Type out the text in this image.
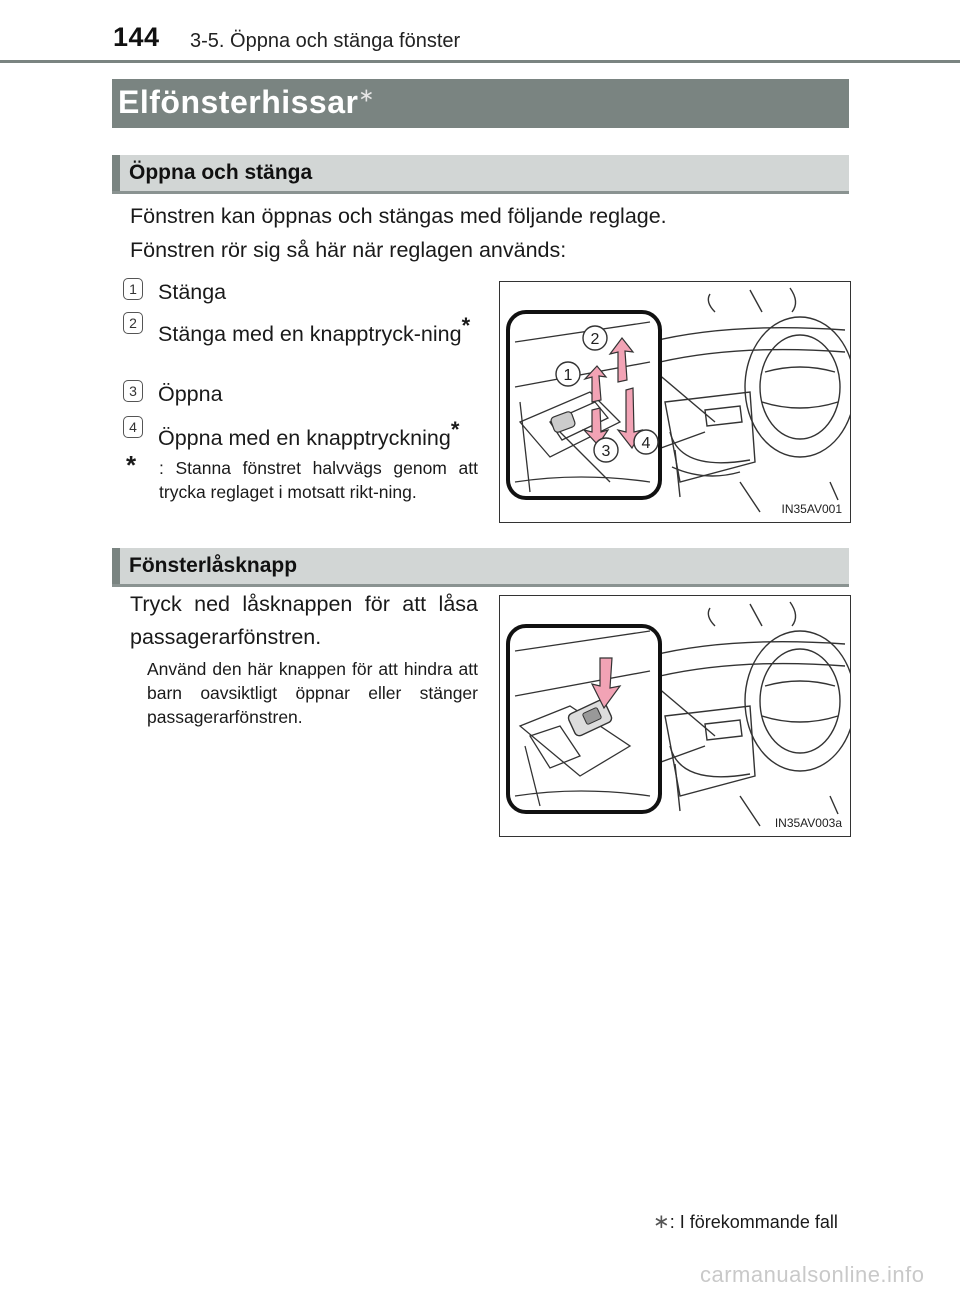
144 3-5. Öppna och stänga fönster
Elfönsterhissar∗
Öppna och stänga
Fönstren kan öppnas och stängas med följande reglage.
Fönstren rör sig så här när reglagen används:
1 Stänga
2 Stänga med en knapptryck-ning*
3 Öppna
4 Öppna med en knapptryckning*
* : Stanna fönstret halvvägs genom att trycka reglaget i motsatt rikt-ning.
1
2
3 4
IN35AV001
Fönsterlåsknapp
Tryck ned låsknappen för att låsa passagerarfönstren.
Använd den här knappen för att hindra att barn oavsiktligt öppnar eller stänger passagerarfönstren.
IN35AV003a
∗: I förekommande fall
carmanualsonline.info
